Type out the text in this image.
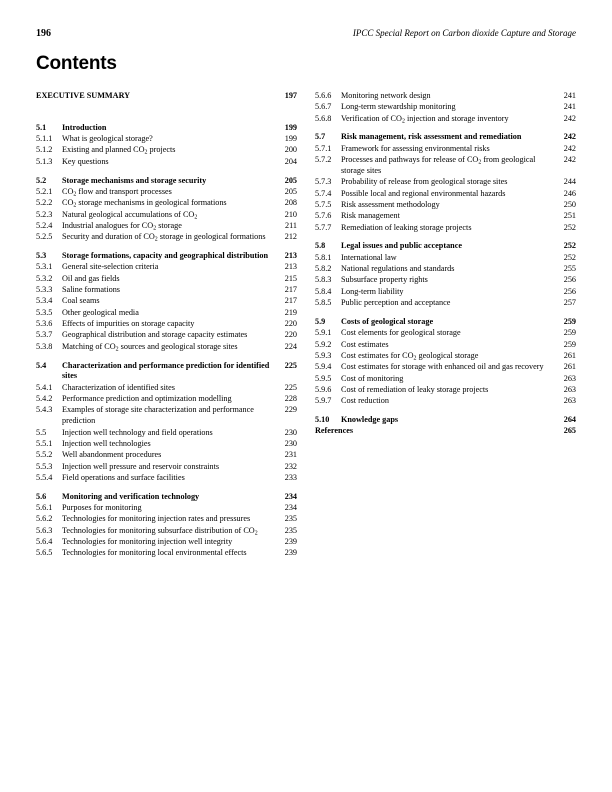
196	IPCC Special Report on Carbon dioxide Capture and Storage
Contents
EXECUTIVE SUMMARY	197
5.1	Introduction	199
5.1.1	What is geological storage?	199
5.1.2	Existing and planned $CO_2$ projects	200
5.1.3	Key questions	204
5.2	Storage mechanisms and storage security	205
5.2.1	$CO_2$ flow and transport processes	205
5.2.2	$CO_2$ storage mechanisms in geological formations	208
5.2.3	Natural geological accumulations of $CO_2$	210
5.2.4	Industrial analogues for $CO_2$ storage	211
5.2.5	Security and duration of $CO_2$ storage in geological formations	212
5.3	Storage formations, capacity and geographical distribution	213
5.3.1	General site-selection criteria	213
5.3.2	Oil and gas fields	215
5.3.3	Saline formations	217
5.3.4	Coal seams	217
5.3.5	Other geological media	219
5.3.6	Effects of impurities on storage capacity	220
5.3.7	Geographical distribution and storage capacity estimates	220
5.3.8	Matching of $CO_2$ sources and geological storage sites	224
5.4	Characterization and performance prediction for identified sites
225
5.4.1	Characterization of identified sites	225
5.4.2	Performance prediction and optimization modelling	228
5.4.3	Examples of storage site characterization and performance prediction
229
5.5	Injection well technology and field operations	230
5.5.1	Injection well technologies	230
5.5.2	Well abandonment procedures	231
5.5.3	Injection well pressure and reservoir constraints	232
5.5.4	Field operations and surface facilities	233
5.6	Monitoring and verification technology	234
5.6.1	Purposes for monitoring	234
5.6.2	Technologies for monitoring injection rates and pressures	235
5.6.3	Technologies for monitoring subsurface distribution of $CO_2$	235
5.6.4	Technologies for monitoring injection well integrity	239
5.6.5	Technologies for monitoring local environmental effects	239
5.6.6	Monitoring network design	241
5.6.7	Long-term stewardship monitoring	241
5.6.8	Verification of $CO_2$ injection and storage inventory	242
5.7	Risk management, risk assessment and remediation	242
5.7.1	Framework for assessing environmental risks	242
5.7.2	Processes and pathways for release of $CO_2$ from geological storage sites
242
5.7.3	Probability of release from geological storage sites	244
5.7.4	Possible local and regional environmental hazards	246
5.7.5	Risk assessment methodology	250
5.7.6	Risk management	251
5.7.7	Remediation of leaking storage projects	252
5.8	Legal issues and public acceptance	252
5.8.1	International law	252
5.8.2	National regulations and standards	255
5.8.3	Subsurface property rights	256
5.8.4	Long-term liability	256
5.8.5	Public perception and acceptance	257
5.9	Costs of geological storage	259
5.9.1	Cost elements for geological storage	259
5.9.2	Cost estimates	259
5.9.3	Cost estimates for $CO_2$ geological storage	261
5.9.4	Cost estimates for storage with enhanced oil and gas recovery	261
5.9.5	Cost of monitoring	263
5.9.6	Cost of remediation of leaky storage projects	263
5.9.7	Cost reduction	263
5.10	Knowledge gaps	264
References	265
